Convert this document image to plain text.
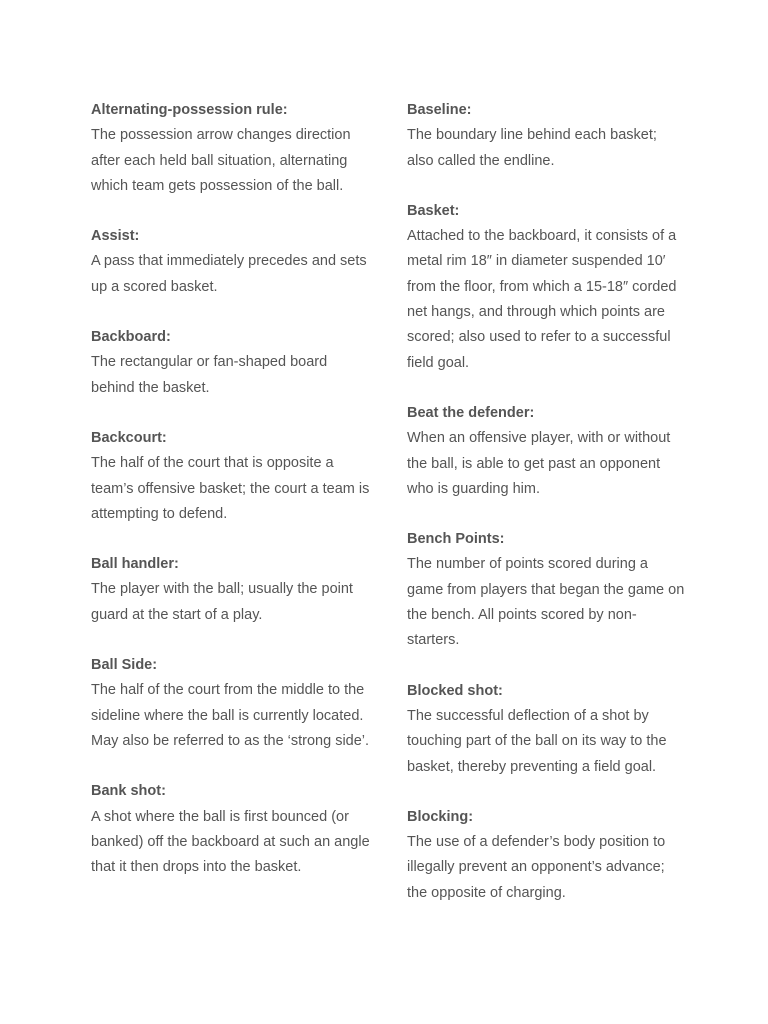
Alternating-possession rule:

The possession arrow changes direction after each held ball situation, alternating which team gets possession of the ball.

Assist:

A pass that immediately precedes and sets up a scored basket.

Backboard:

The rectangular or fan-shaped board behind the basket.

Backcourt:

The half of the court that is opposite a team’s offensive basket; the court a team is attempting to defend.

Ball handler:

The player with the ball; usually the point guard at the start of a play.

Ball Side:

The half of the court from the middle to the sideline where the ball is currently located. May also be referred to as the ‘strong side’.

Bank shot:

A shot where the ball is first bounced (or banked) off the backboard at such an angle that it then drops into the basket.

Baseline:

The boundary line behind each basket; also called the endline.

Basket:

Attached to the backboard, it consists of a metal rim 18″ in diameter suspended 10′ from the floor, from which a 15-18″ corded net hangs, and through which points are scored; also used to refer to a successful field goal.

Beat the defender:

When an offensive player, with or without the ball, is able to get past an opponent who is guarding him.

Bench Points:

The number of points scored during a game from players that began the game on the bench. All points scored by non-starters.

Blocked shot:

The successful deflection of a shot by touching part of the ball on its way to the basket, thereby preventing a field goal.

Blocking:

The use of a defender’s body position to illegally prevent an opponent’s advance; the opposite of charging.
